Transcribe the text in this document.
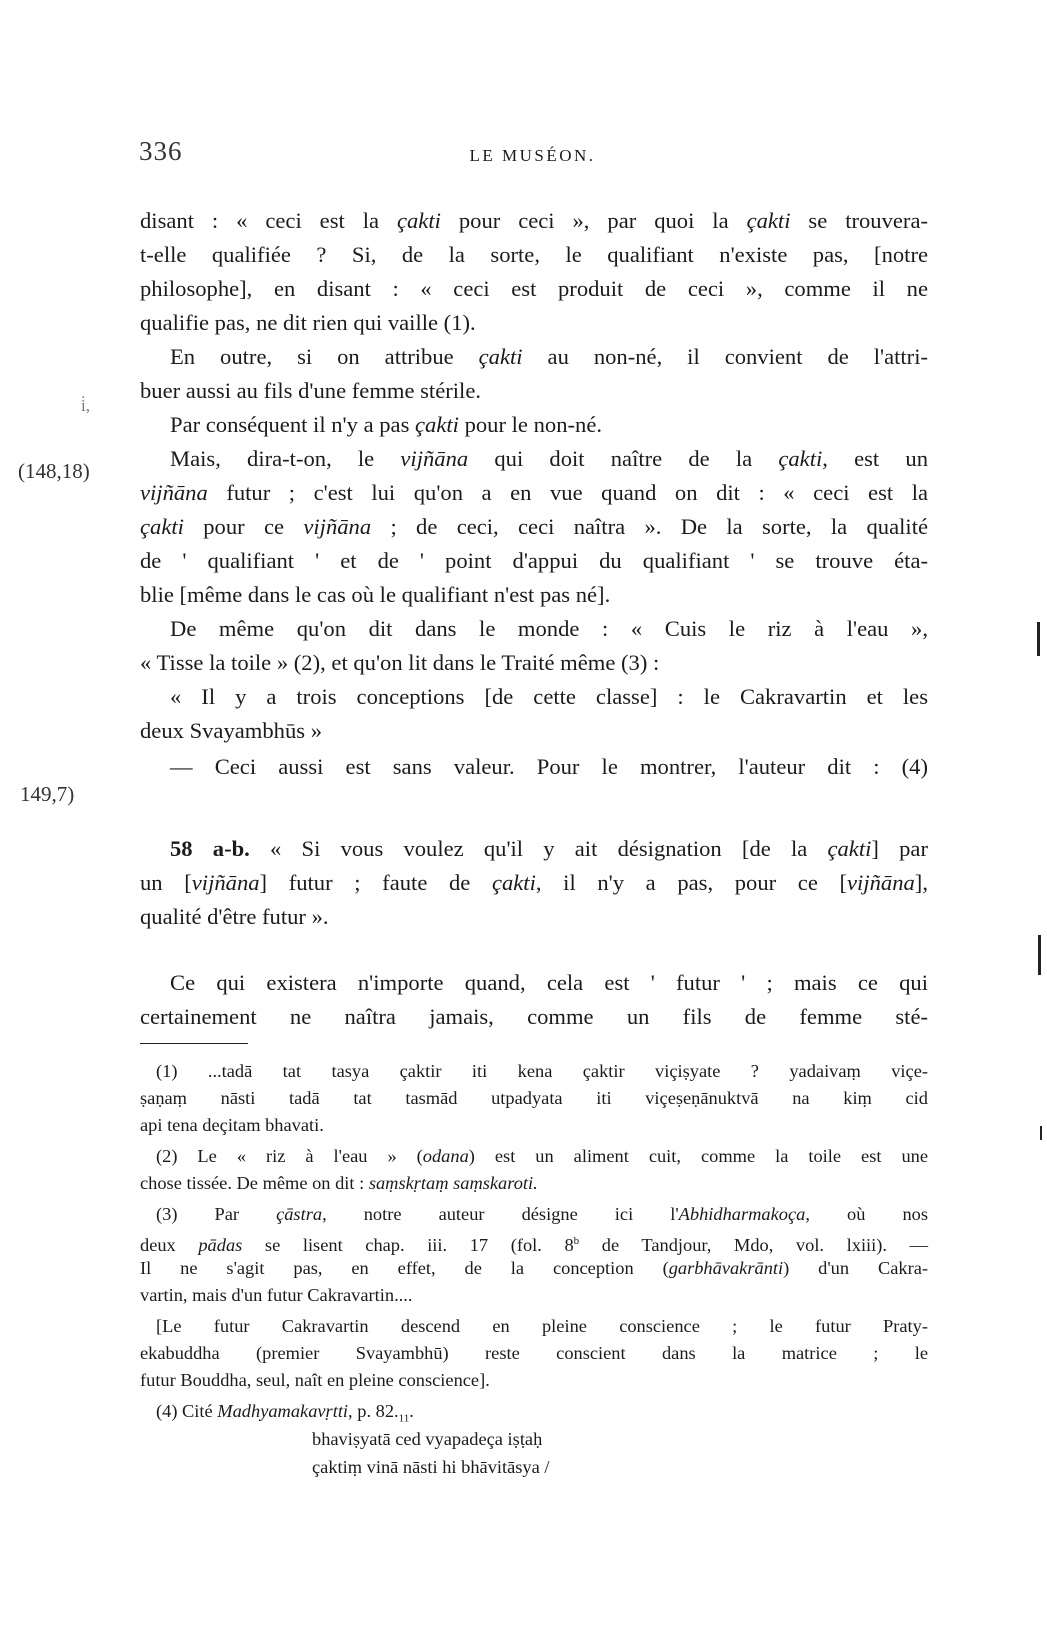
336	LE MUSÉON.
i̇,
(148,18)
149,7)
disant : « ceci est la çakti pour ceci », par quoi la çakti se trouvera-
t-elle qualifiée ? Si, de la sorte, le qualifiant n'existe pas, [notre
philosophe], en disant : « ceci est produit de ceci », comme il ne
qualifie pas, ne dit rien qui vaille (1).
En outre, si on attribue çakti au non-né, il convient de l'attri-
buer aussi au fils d'une femme stérile.
Par conséquent il n'y a pas çakti pour le non-né.
Mais, dira-t-on, le vijñāna qui doit naître de la çakti, est un
vijñāna futur ; c'est lui qu'on a en vue quand on dit : « ceci est la
çakti pour ce vijñāna ; de ceci, ceci naîtra ». De la sorte, la qualité
de ' qualifiant ' et de ' point d'appui du qualifiant ' se trouve éta-
blie [même dans le cas où le qualifiant n'est pas né].
De même qu'on dit dans le monde : « Cuis le riz à l'eau »,
« Tisse la toile » (2), et qu'on lit dans le Traité même (3) :
« Il y a trois conceptions [de cette classe] : le Cakravartin et les
deux Svayambhūs »
— Ceci aussi est sans valeur. Pour le montrer, l'auteur dit : (4)
58 a-b. « Si vous voulez qu'il y ait désignation [de la çakti] par
un [vijñāna] futur ; faute de çakti, il n'y a pas, pour ce [vijñāna],
qualité d'être futur ».
Ce qui existera n'importe quand, cela est ' futur ' ; mais ce qui
certainement ne naîtra jamais, comme un fils de femme sté-
(1) ...tadā tat tasya çaktir iti kena çaktir viçiṣyate ? yadaivaṃ viçe-
ṣaṇaṃ nāsti tadā tat tasmād utpadyata iti viçeṣeṇānuktvā na kiṃ cid
api tena deçitam bhavati.
(2) Le « riz à l'eau » (odana) est un aliment cuit, comme la toile est une
chose tissée. De même on dit : saṃskṛtaṃ saṃskaroti.
(3) Par çāstra, notre auteur désigne ici l'Abhidharmakoça, où nos
deux pādas se lisent chap. iii. 17 (fol. 8$^b$ de Tandjour, Mdo, vol. lxiii). —
Il ne s'agit pas, en effet, de la conception (garbhāvakrānti) d'un Cakra-
vartin, mais d'un futur Cakravartin....
[Le futur Cakravartin descend en pleine conscience ; le futur Praty-
ekabuddha (premier Svayambhū) reste conscient dans la matrice ; le
futur Bouddha, seul, naît en pleine conscience].
(4) Cité Madhyamakavṛtti, p. $82._{11}$.
bhaviṣyatā ced vyapadeça iṣṭaḥ
çaktiṃ vinā nāsti hi bhāvitāsya /
